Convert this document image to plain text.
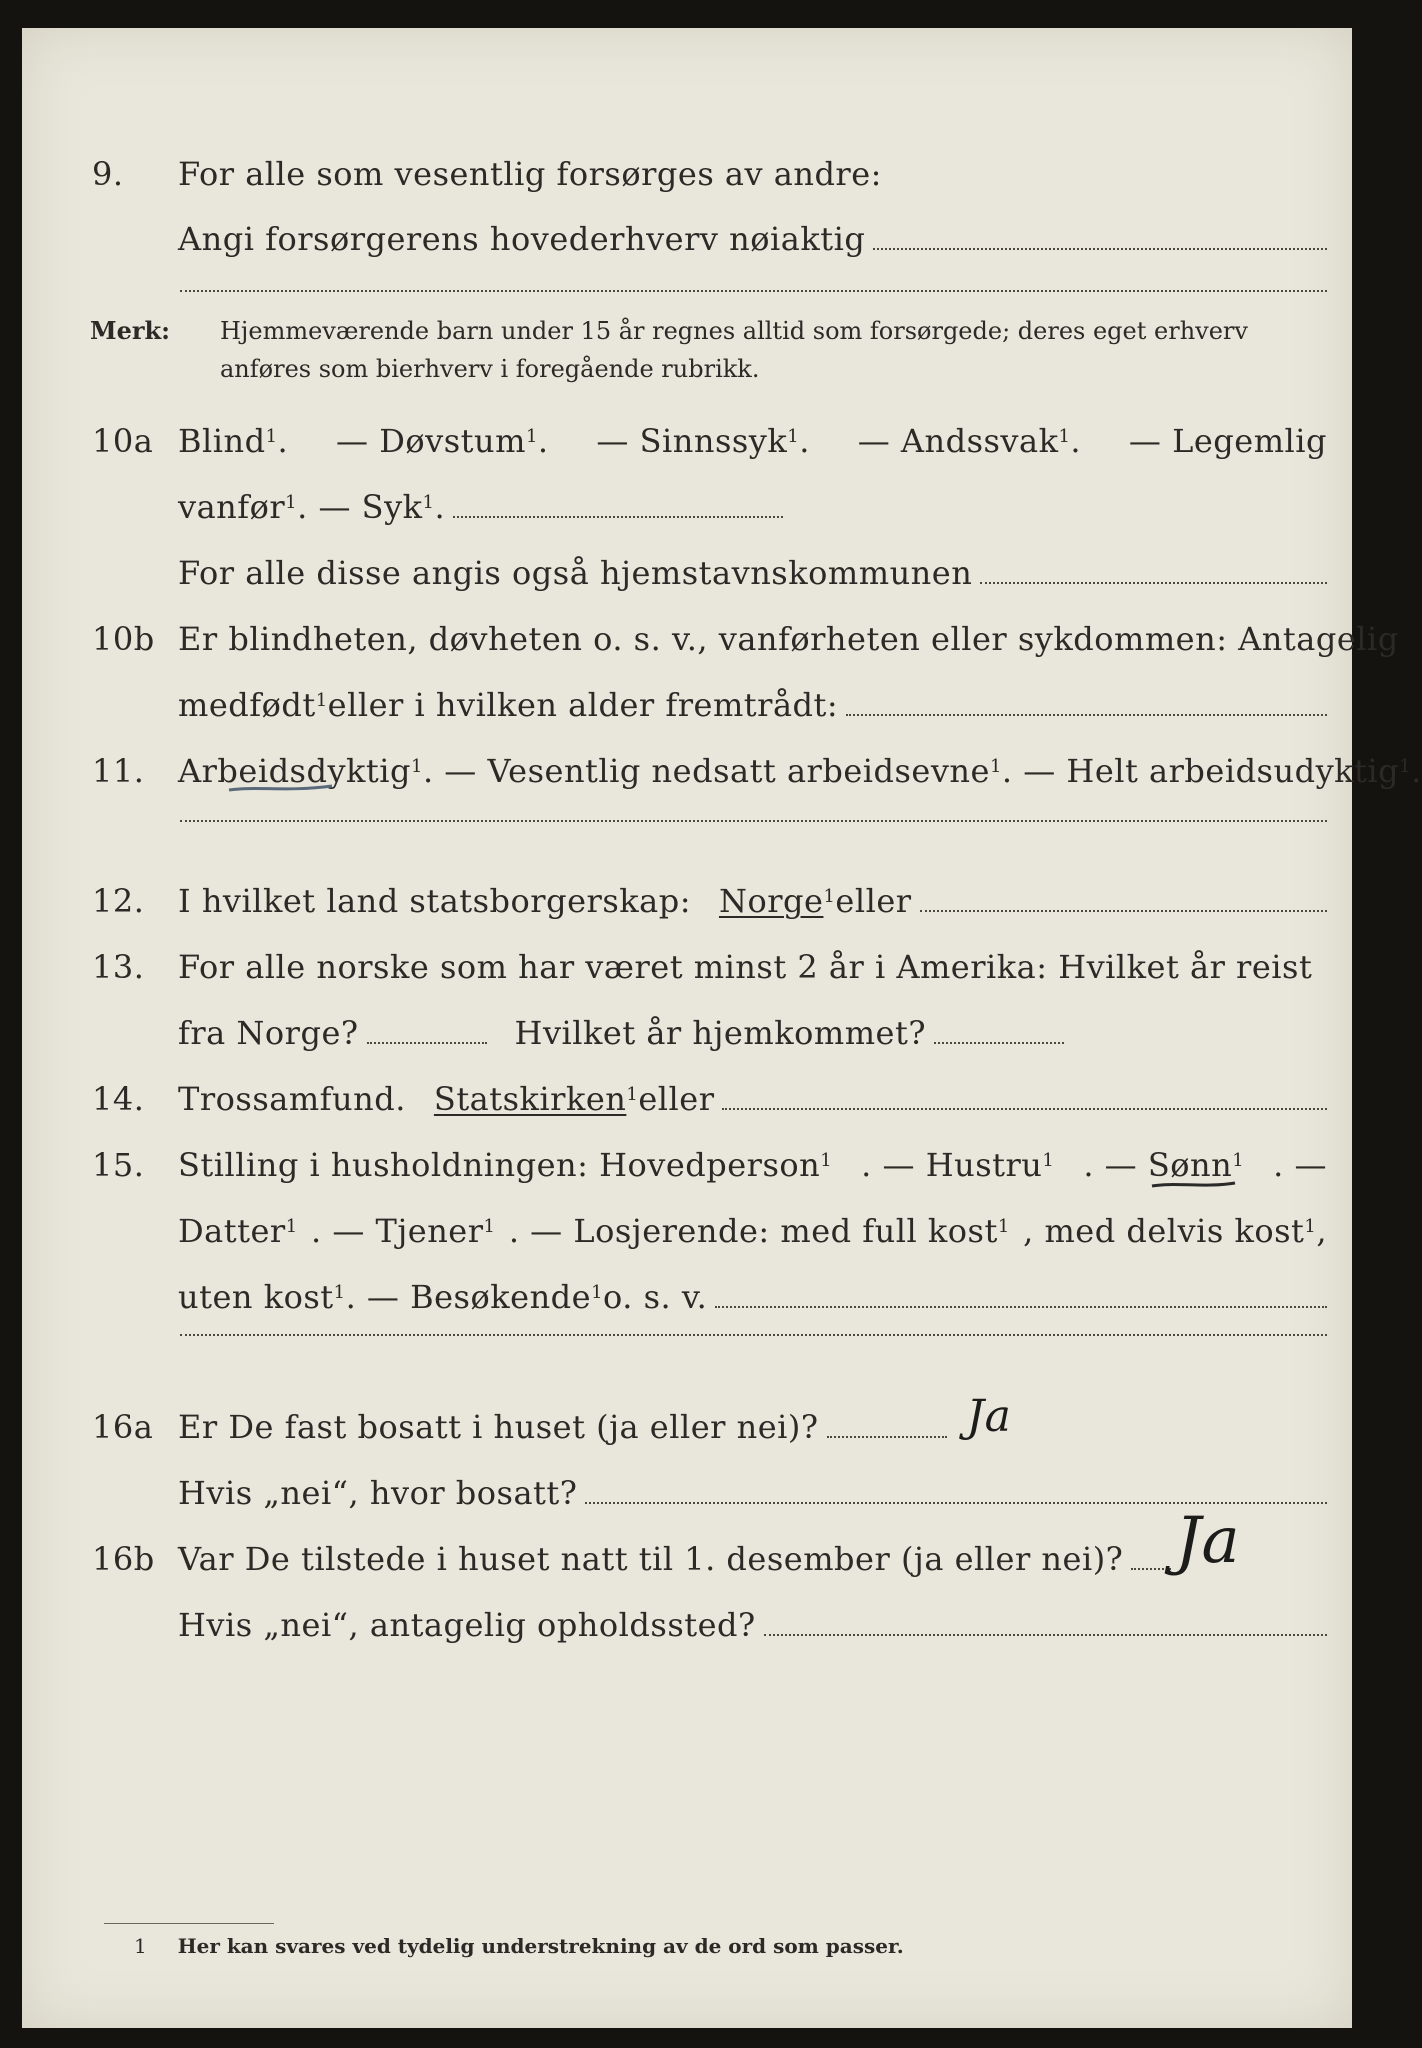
9. For alle som vesentlig forsørges av andre:
Angi forsørgerens hovederhverv nøiaktig
Merk: Hjemmeværende barn under 15 år regnes alltid som forsørgede; deres eget erhverv
anføres som bierhverv i foregående rubrikk.
10a Blind$^1$. — Døvstum$^1$. — Sinnssyk$^1$. — Andssvak$^1$. — Legemlig
vanfør$^1$. — Syk$^1$.
For alle disse angis også hjemstavnskommunen
10b Er blindheten, døvheten o. s. v., vanførheten eller sykdommen: Antagelig
medfødt$^1$ eller i hvilken alder fremtrådt:
11. Arbeidsdyktig$^1$ . — Vesentlig nedsatt arbeidsevne$^1$ . — Helt arbeidsudyktig$^1$.
12. I hvilket land statsborgerskap: Norge$^1$ eller
13. For alle norske som har været minst 2 år i Amerika: Hvilket år reist
fra Norge?	Hvilket år hjemkommet?
14. Trossamfund. Statskirken$^1$ eller
15. Stilling i husholdningen: Hovedperson$^1$ . — Hustru$^1$ . — Sønn$^1$ . —
Datter$^1$ . — Tjener$^1$ . — Losjerende: med full kost$^1$ , med delvis kost$^1$,
uten kost$^1$ . — Besøkende$^1$ o. s. v.
16a Er De fast bosatt i huset (ja eller nei)?	Ja
Hvis „nei“, hvor bosatt?
16b Var De tilstede i huset natt til 1. desember (ja eller nei)? Ja
Hvis „nei“, antagelig opholdssted?
1 Her kan svares ved tydelig understrekning av de ord som passer.
